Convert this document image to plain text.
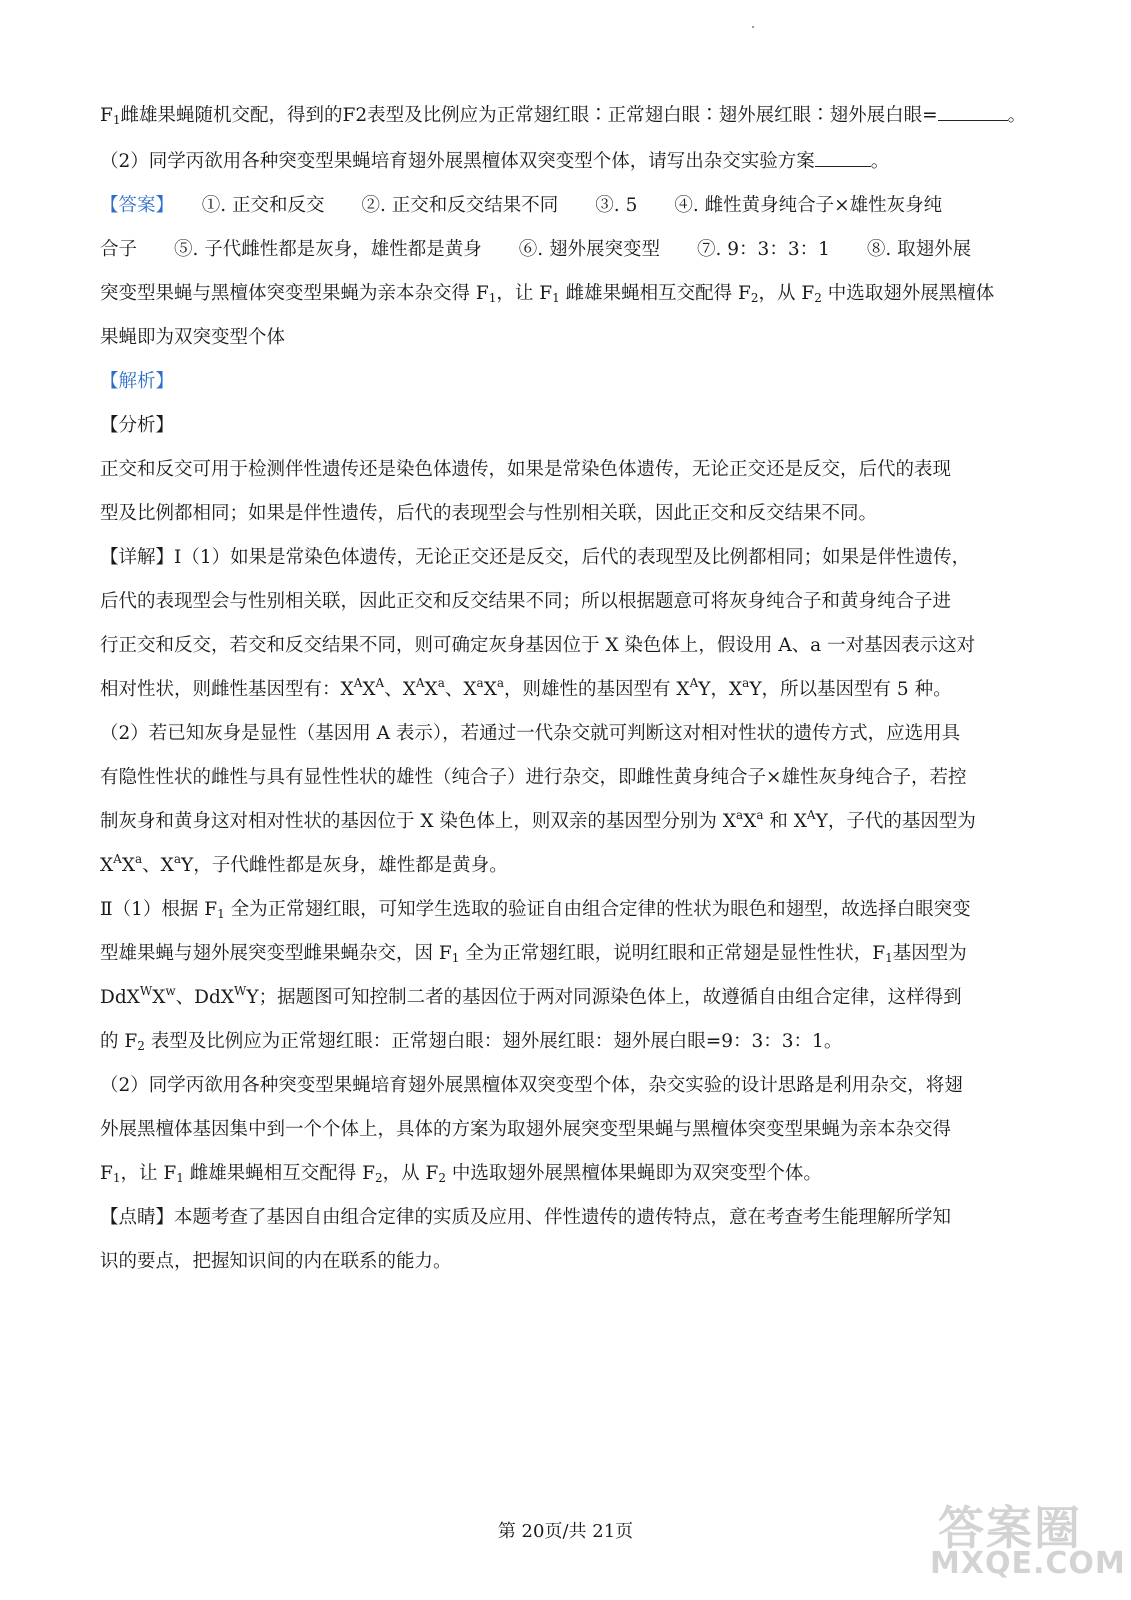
$F_1$雌雄果蝇随机交配，得到的F2表型及比例应为正常翅红眼∶正常翅白眼∶翅外展红眼∶翅外展白眼=	。

（2）同学丙欲用各种突变型果蝇培育翅外展黑檀体双突变型个体，请写出杂交实验方案	。

【答案】　　 ①. 正交和反交　　②. 正交和反交结果不同　　③. 5　　④. 雌性黄身纯合子×雄性灰身纯

合子　　⑤. 子代雌性都是灰身，雄性都是黄身　　⑥. 翅外展突变型　　⑦. 9：3：3：1　　⑧. 取翅外展

突变型果蝇与黑檀体突变型果蝇为亲本杂交得 $F_1$，让 $F_1$ 雌雄果蝇相互交配得 $F_2$，从 $F_2$ 中选取翅外展黑檀体

果蝇即为双突变型个体

【解析】

【分析】

正交和反交可用于检测伴性遗传还是染色体遗传，如果是常染色体遗传，无论正交还是反交，后代的表现

型及比例都相同；如果是伴性遗传，后代的表现型会与性别相关联，因此正交和反交结果不同。

【详解】Ⅰ（1）如果是常染色体遗传，无论正交还是反交，后代的表现型及比例都相同；如果是伴性遗传，

后代的表现型会与性别相关联，因此正交和反交结果不同；所以根据题意可将灰身纯合子和黄身纯合子进

行正交和反交，若交和反交结果不同，则可确定灰身基因位于 X 染色体上，假设用 A、a 一对基因表示这对

相对性状，则雌性基因型有：$X^AX^A$、$X^AX^a$、$X^aX^a$，则雄性的基因型有 $X^AY$，$X^aY$，所以基因型有 5 种。

（2）若已知灰身是显性（基因用 A 表示），若通过一代杂交就可判断这对相对性状的遗传方式，应选用具

有隐性性状的雌性与具有显性性状的雄性（纯合子）进行杂交，即雌性黄身纯合子×雄性灰身纯合子，若控

制灰身和黄身这对相对性状的基因位于 X 染色体上，则双亲的基因型分别为 $X^aX^a$ 和 $X^AY$，子代的基因型为

$X^AX^a$、$X^aY$，子代雌性都是灰身，雄性都是黄身。

Ⅱ（1）根据 $F_1$ 全为正常翅红眼，可知学生选取的验证自由组合定律的性状为眼色和翅型，故选择白眼突变

型雄果蝇与翅外展突变型雌果蝇杂交，因 $F_1$ 全为正常翅红眼，说明红眼和正常翅是显性性状，$F_1$基因型为

$DdX^WX^w$、DdX$^W$Y；据题图可知控制二者的基因位于两对同源染色体上，故遵循自由组合定律，这样得到

的 $F_2$ 表型及比例应为正常翅红眼：正常翅白眼：翅外展红眼：翅外展白眼=9：3：3：1。

（2）同学丙欲用各种突变型果蝇培育翅外展黑檀体双突变型个体，杂交实验的设计思路是利用杂交，将翅

外展黑檀体基因集中到一个个体上，具体的方案为取翅外展突变型果蝇与黑檀体突变型果蝇为亲本杂交得

$F_1$，让 $F_1$ 雌雄果蝇相互交配得 $F_2$，从 $F_2$ 中选取翅外展黑檀体果蝇即为双突变型个体。

【点睛】本题考查了基因自由组合定律的实质及应用、伴性遗传的遗传特点，意在考查考生能理解所学知

识的要点，把握知识间的内在联系的能力。

第 20页/共 21页	答案圈
MXQE.COM
